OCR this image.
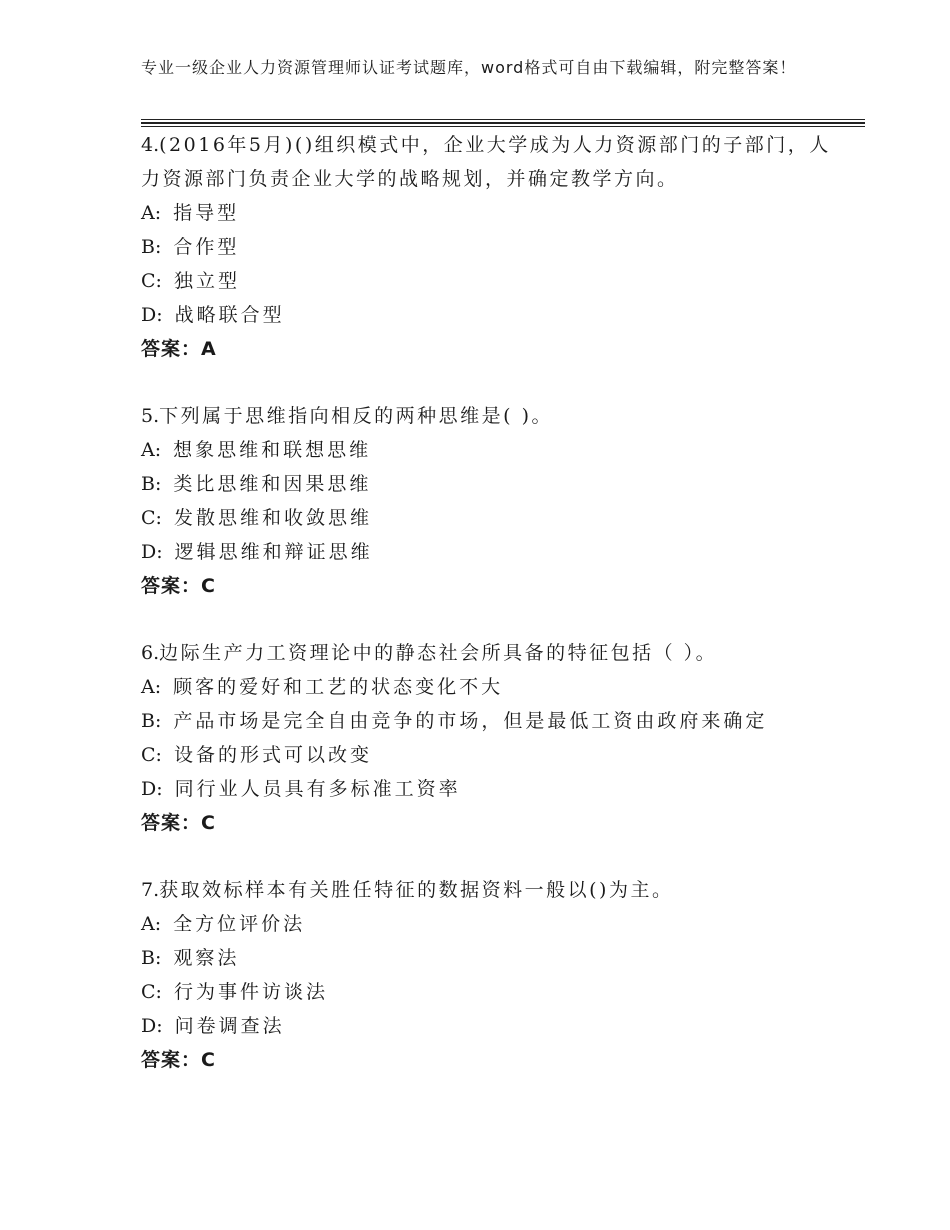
专业一级企业人力资源管理师认证考试题库，word格式可自由下载编辑，附完整答案！
4.(2016年5月)()组织模式中，企业大学成为人力资源部门的子部门，人力资源部门负责企业大学的战略规划，并确定教学方向。
A: 指导型
B: 合作型
C: 独立型
D: 战略联合型
答案：A
5.下列属于思维指向相反的两种思维是( )。
A: 想象思维和联想思维
B: 类比思维和因果思维
C: 发散思维和收敛思维
D: 逻辑思维和辩证思维
答案：C
6.边际生产力工资理论中的静态社会所具备的特征包括（ ）。
A: 顾客的爱好和工艺的状态变化不大
B: 产品市场是完全自由竞争的市场，但是最低工资由政府来确定
C: 设备的形式可以改变
D: 同行业人员具有多标准工资率
答案：C
7.获取效标样本有关胜任特征的数据资料一般以()为主。
A: 全方位评价法
B: 观察法
C: 行为事件访谈法
D: 问卷调查法
答案：C
